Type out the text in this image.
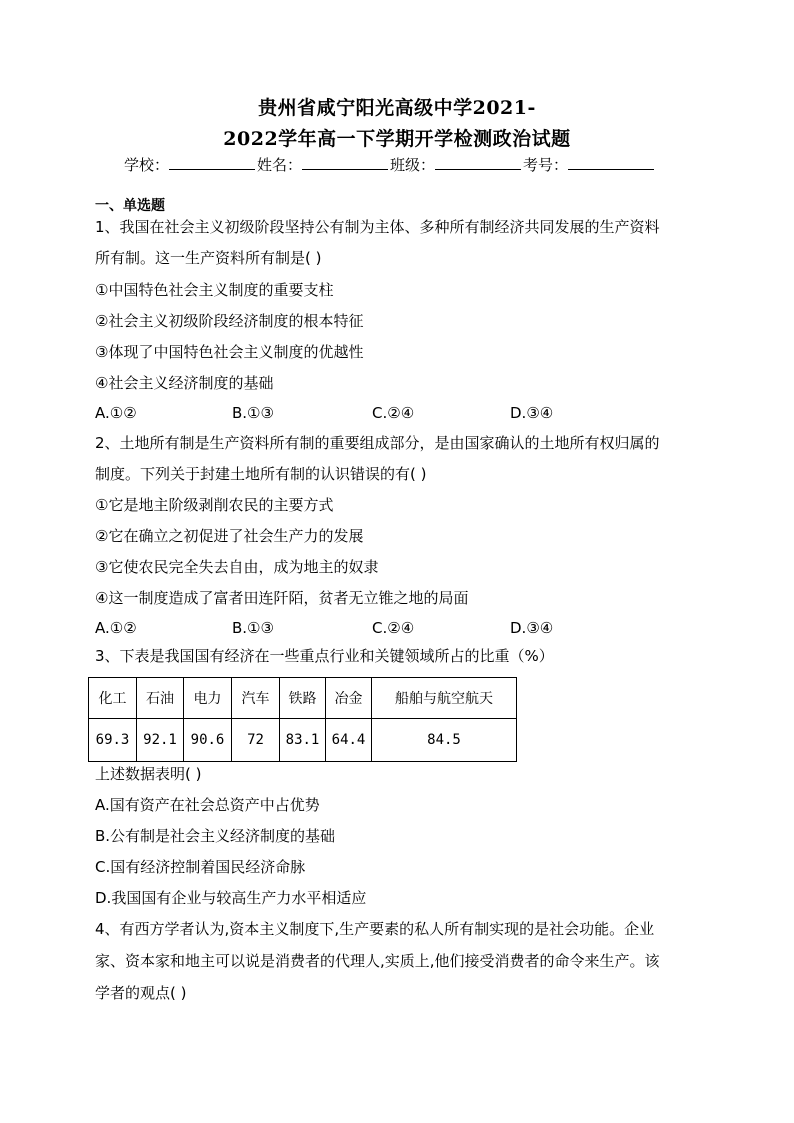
贵州省咸宁阳光高级中学2021-
2022学年高一下学期开学检测政治试题
学校：	姓名：	班级：	考号：
一、单选题
1、我国在社会主义初级阶段坚持公有制为主体、多种所有制经济共同发展的生产资料
所有制。这一生产资料所有制是( )
①中国特色社会主义制度的重要支柱
②社会主义初级阶段经济制度的根本特征
③体现了中国特色社会主义制度的优越性
④社会主义经济制度的基础
A.①②	B.①③	C.②④	D.③④
2、土地所有制是生产资料所有制的重要组成部分，是由国家确认的土地所有权归属的
制度。下列关于封建土地所有制的认识错误的有( )
①它是地主阶级剥削农民的主要方式
②它在确立之初促进了社会生产力的发展
③它使农民完全失去自由，成为地主的奴隶
④这一制度造成了富者田连阡陌，贫者无立锥之地的局面
A.①②	B.①③	C.②④	D.③④
3、下表是我国国有经济在一些重点行业和关键领域所占的比重（%）
化工	石油	电力	汽车	铁路	冶金	船舶与航空航天
69.3	92.1	90.6	72	83.1	64.4	84.5
上述数据表明( )
A.国有资产在社会总资产中占优势
B.公有制是社会主义经济制度的基础
C.国有经济控制着国民经济命脉
D.我国国有企业与较高生产力水平相适应
4、有西方学者认为,资本主义制度下,生产要素的私人所有制实现的是社会功能。企业
家、资本家和地主可以说是消费者的代理人,实质上,他们接受消费者的命令来生产。该
学者的观点( )
